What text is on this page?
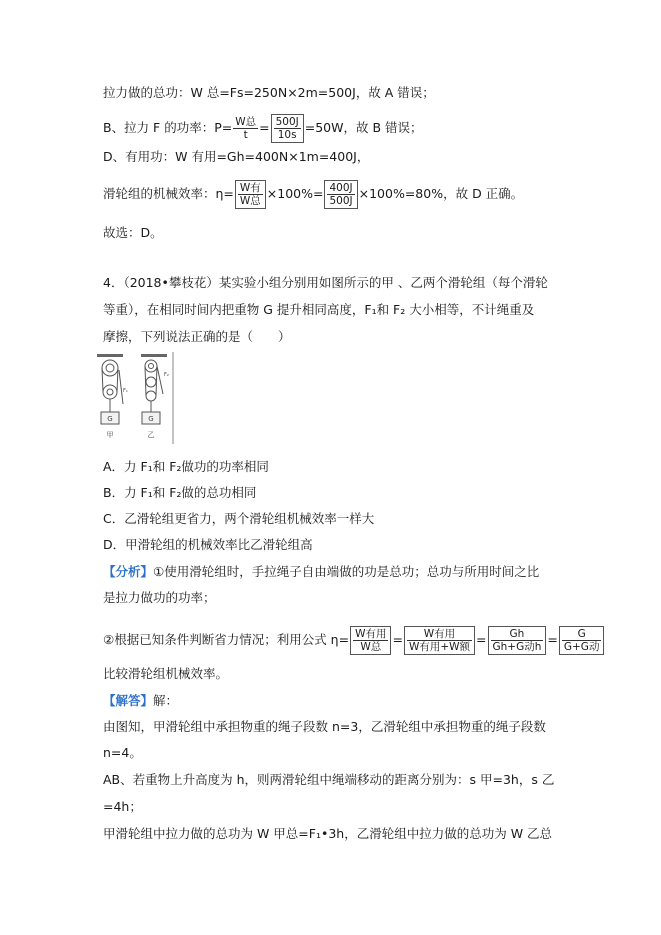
拉力做的总功：W 总=Fs=250N×2m=500J，故 A 错误；
B、拉力 F 的功率：$P= \frac{\text{W总}}{t} = \frac{500J}{10s} =50W$，故 B 错误；
D、有用功：W 有用=Gh=400N×1m=400J，
滑轮组的机械效率：$\eta= \frac{\text{W有}}{\text{W总}} \times 100\%= \frac{400J}{500J} \times 100\%=80\%$，故 D 正确。
故选：D。
4．（2018•攀枝花）某实验小组分别用如图所示的甲 、乙两个滑轮组（每个滑轮
等重），在相同时间内把重物 G 提升相同高度，F₁和 F₂ 大小相等，不计绳重及
摩擦，下列说法正确的是（　　）
G
甲
G
乙
F₂
F₁
A．力 F₁和 F₂做功的功率相同
B．力 F₁和 F₂做的总功相同
C．乙滑轮组更省力，两个滑轮组机械效率一样大
D．甲滑轮组的机械效率比乙滑轮组高
【分析】①使用滑轮组时，手拉绳子自由端做的功是总功；总功与所用时间之比
是拉力做功的功率；
②根据已知条件判断省力情况；利用公式 $\eta= \frac{\text{W有用}}{\text{W总}} = \frac{\text{W有用}}{\text{W有用+W额}} = \frac{Gh}{\text{Gh+G动h}} = \frac{G}{\text{G+G动}}$
比较滑轮组机械效率。
【解答】解：
由图知，甲滑轮组中承担物重的绳子段数 n=3，乙滑轮组中承担物重的绳子段数
n=4。
AB、若重物上升高度为 h，则两滑轮组中绳端移动的距离分别为：s 甲=3h，s 乙
=4h；
甲滑轮组中拉力做的总功为 W 甲总=F₁•3h，乙滑轮组中拉力做的总功为 W 乙总
